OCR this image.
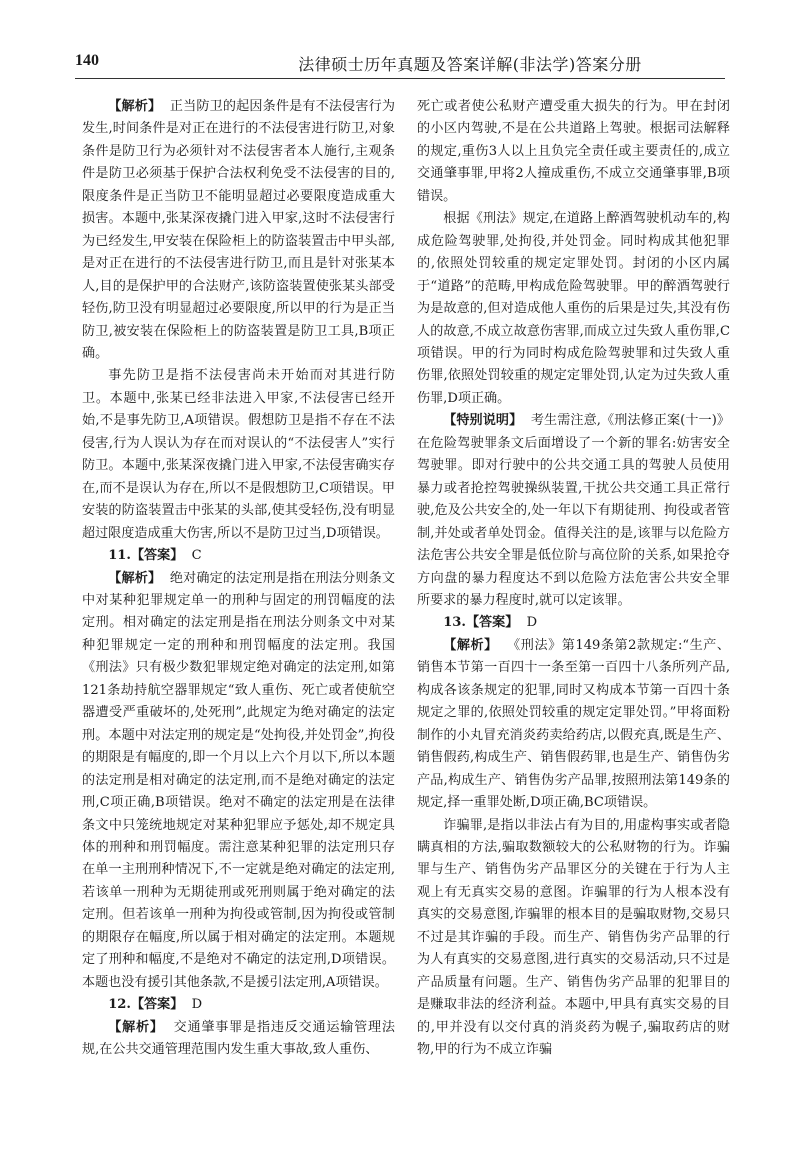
140	法律硕士历年真题及答案详解(非法学)答案分册

【解析】 正当防卫的起因条件是有不法侵害行为发生,时间条件是对正在进行的不法侵害进行防卫,对象条件是防卫行为必须针对不法侵害者本人施行,主观条件是防卫必须基于保护合法权利免受不法侵害的目的,限度条件是正当防卫不能明显超过必要限度造成重大损害。本题中,张某深夜撬门进入甲家,这时不法侵害行为已经发生,甲安装在保险柜上的防盗装置击中甲头部,是对正在进行的不法侵害进行防卫,而且是针对张某本人,目的是保护甲的合法财产,该防盗装置使张某头部受轻伤,防卫没有明显超过必要限度,所以甲的行为是正当防卫,被安装在保险柜上的防盗装置是防卫工具,B项正确。

事先防卫是指不法侵害尚未开始而对其进行防卫。本题中,张某已经非法进入甲家,不法侵害已经开始,不是事先防卫,A项错误。假想防卫是指不存在不法侵害,行为人误认为存在而对误认的“不法侵害人”实行防卫。本题中,张某深夜撬门进入甲家,不法侵害确实存在,而不是误认为存在,所以不是假想防卫,C项错误。甲安装的防盗装置击中张某的头部,使其受轻伤,没有明显超过限度造成重大伤害,所以不是防卫过当,D项错误。

11.【答案】 C

【解析】 绝对确定的法定刑是指在刑法分则条文中对某种犯罪规定单一的刑种与固定的刑罚幅度的法定刑。相对确定的法定刑是指在刑法分则条文中对某种犯罪规定一定的刑种和刑罚幅度的法定刑。我国《刑法》只有极少数犯罪规定绝对确定的法定刑,如第121条劫持航空器罪规定“致人重伤、死亡或者使航空器遭受严重破坏的,处死刑”,此规定为绝对确定的法定刑。本题中对法定刑的规定是“处拘役,并处罚金”,拘役的期限是有幅度的,即一个月以上六个月以下,所以本题的法定刑是相对确定的法定刑,而不是绝对确定的法定刑,C项正确,B项错误。绝对不确定的法定刑是在法律条文中只笼统地规定对某种犯罪应予惩处,却不规定具体的刑种和刑罚幅度。需注意某种犯罪的法定刑只存在单一主刑刑种情况下,不一定就是绝对确定的法定刑,若该单一刑种为无期徒刑或死刑则属于绝对确定的法定刑。但若该单一刑种为拘役或管制,因为拘役或管制的期限存在幅度,所以属于相对确定的法定刑。本题规定了刑种和幅度,不是绝对不确定的法定刑,D项错误。本题也没有援引其他条款,不是援引法定刑,A项错误。

12.【答案】 D

【解析】 交通肇事罪是指违反交通运输管理法规,在公共交通管理范围内发生重大事故,致人重伤、

死亡或者使公私财产遭受重大损失的行为。甲在封闭的小区内驾驶,不是在公共道路上驾驶。根据司法解释的规定,重伤3人以上且负完全责任或主要责任的,成立交通肇事罪,甲将2人撞成重伤,不成立交通肇事罪,B项错误。

根据《刑法》规定,在道路上醉酒驾驶机动车的,构成危险驾驶罪,处拘役,并处罚金。同时构成其他犯罪的,依照处罚较重的规定定罪处罚。封闭的小区内属于“道路”的范畴,甲构成危险驾驶罪。甲的醉酒驾驶行为是故意的,但对造成他人重伤的后果是过失,其没有伤人的故意,不成立故意伤害罪,而成立过失致人重伤罪,C项错误。甲的行为同时构成危险驾驶罪和过失致人重伤罪,依照处罚较重的规定定罪处罚,认定为过失致人重伤罪,D项正确。

【特别说明】 考生需注意,《刑法修正案(十一)》在危险驾驶罪条文后面增设了一个新的罪名:妨害安全驾驶罪。即对行驶中的公共交通工具的驾驶人员使用暴力或者抢控驾驶操纵装置,干扰公共交通工具正常行驶,危及公共安全的,处一年以下有期徒刑、拘役或者管制,并处或者单处罚金。值得关注的是,该罪与以危险方法危害公共安全罪是低位阶与高位阶的关系,如果抢夺方向盘的暴力程度达不到以危险方法危害公共安全罪所要求的暴力程度时,就可以定该罪。

13.【答案】 D

【解析】 《刑法》第149条第2款规定:“生产、销售本节第一百四十一条至第一百四十八条所列产品,构成各该条规定的犯罪,同时又构成本节第一百四十条规定之罪的,依照处罚较重的规定定罪处罚。”甲将面粉制作的小丸冒充消炎药卖给药店,以假充真,既是生产、销售假药,构成生产、销售假药罪,也是生产、销售伪劣产品,构成生产、销售伪劣产品罪,按照刑法第149条的规定,择一重罪处断,D项正确,BC项错误。

诈骗罪,是指以非法占有为目的,用虚构事实或者隐瞒真相的方法,骗取数额较大的公私财物的行为。诈骗罪与生产、销售伪劣产品罪区分的关键在于行为人主观上有无真实交易的意图。诈骗罪的行为人根本没有真实的交易意图,诈骗罪的根本目的是骗取财物,交易只不过是其诈骗的手段。而生产、销售伪劣产品罪的行为人有真实的交易意图,进行真实的交易活动,只不过是产品质量有问题。生产、销售伪劣产品罪的犯罪目的是赚取非法的经济利益。本题中,甲具有真实交易的目的,甲并没有以交付真的消炎药为幌子,骗取药店的财物,甲的行为不成立诈骗
